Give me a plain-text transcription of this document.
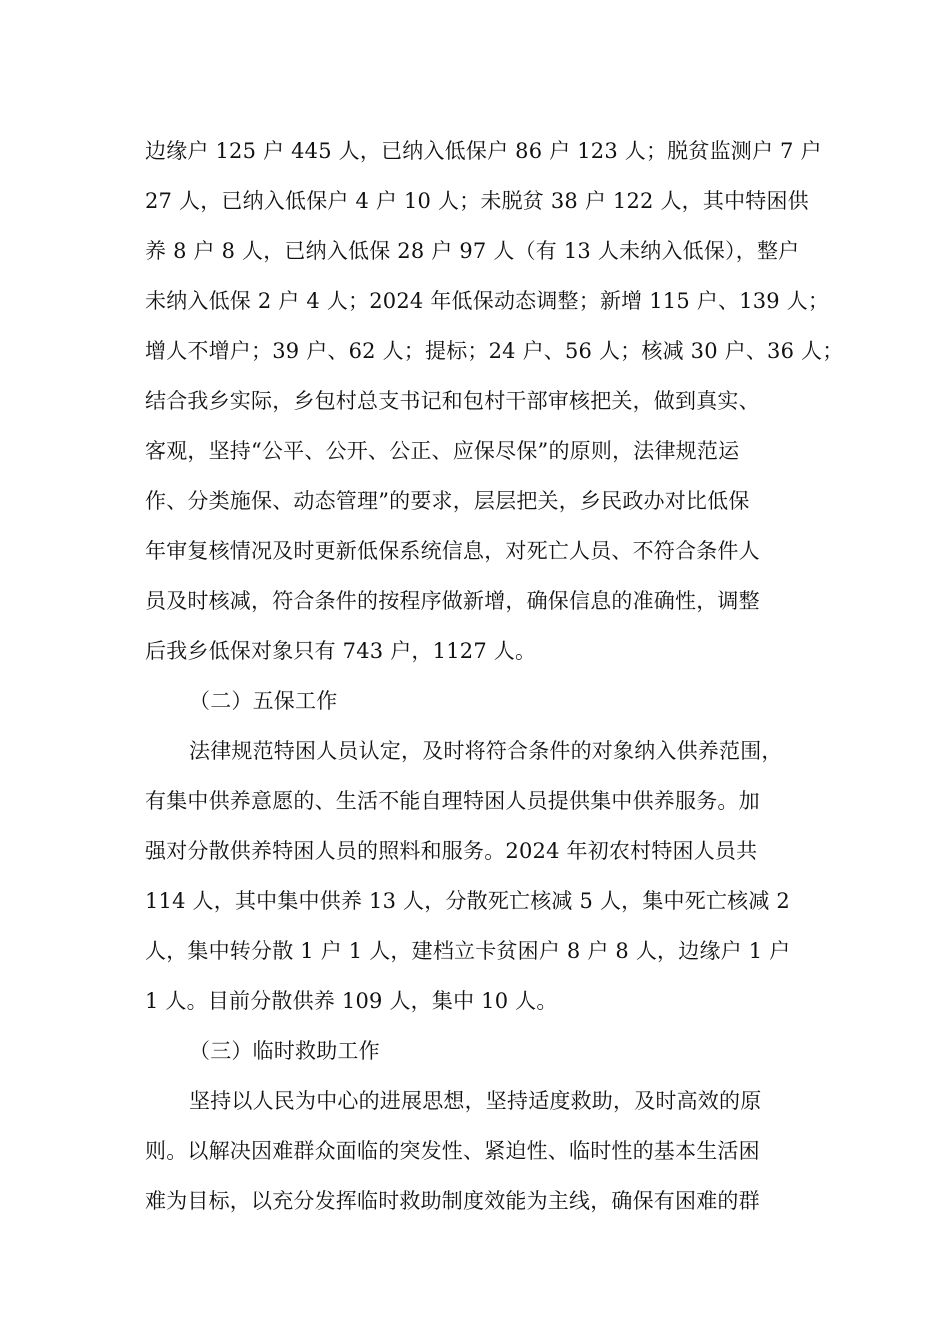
边缘户 125 户 445 人，已纳入低保户 86 户 123 人；脱贫监测户 7 户
27 人，已纳入低保户 4 户 10 人；未脱贫 38 户 122 人，其中特困供
养 8 户 8 人，已纳入低保 28 户 97 人（有 13 人未纳入低保），整户
未纳入低保 2 户 4 人；2024 年低保动态调整；新增 115 户、139 人；
增人不增户；39 户、62 人；提标；24 户、56 人；核减 30 户、36 人；
结合我乡实际，乡包村总支书记和包村干部审核把关，做到真实、
客观，坚持“公平、公开、公正、应保尽保”的原则，法律规范运
作、分类施保、动态管理”的要求，层层把关，乡民政办对比低保
年审复核情况及时更新低保系统信息，对死亡人员、不符合条件人
员及时核减，符合条件的按程序做新增，确保信息的准确性，调整
后我乡低保对象只有 743 户，1127 人。
（二）五保工作
法律规范特困人员认定，及时将符合条件的对象纳入供养范围，
有集中供养意愿的、生活不能自理特困人员提供集中供养服务。加
强对分散供养特困人员的照料和服务。2024 年初农村特困人员共
114 人，其中集中供养 13 人，分散死亡核减 5 人，集中死亡核减 2
人，集中转分散 1 户 1 人，建档立卡贫困户 8 户 8 人，边缘户 1 户
1 人。目前分散供养 109 人，集中 10 人。
（三）临时救助工作
坚持以人民为中心的进展思想，坚持适度救助，及时高效的原
则。以解决因难群众面临的突发性、紧迫性、临时性的基本生活困
难为目标，以充分发挥临时救助制度效能为主线，确保有困难的群
